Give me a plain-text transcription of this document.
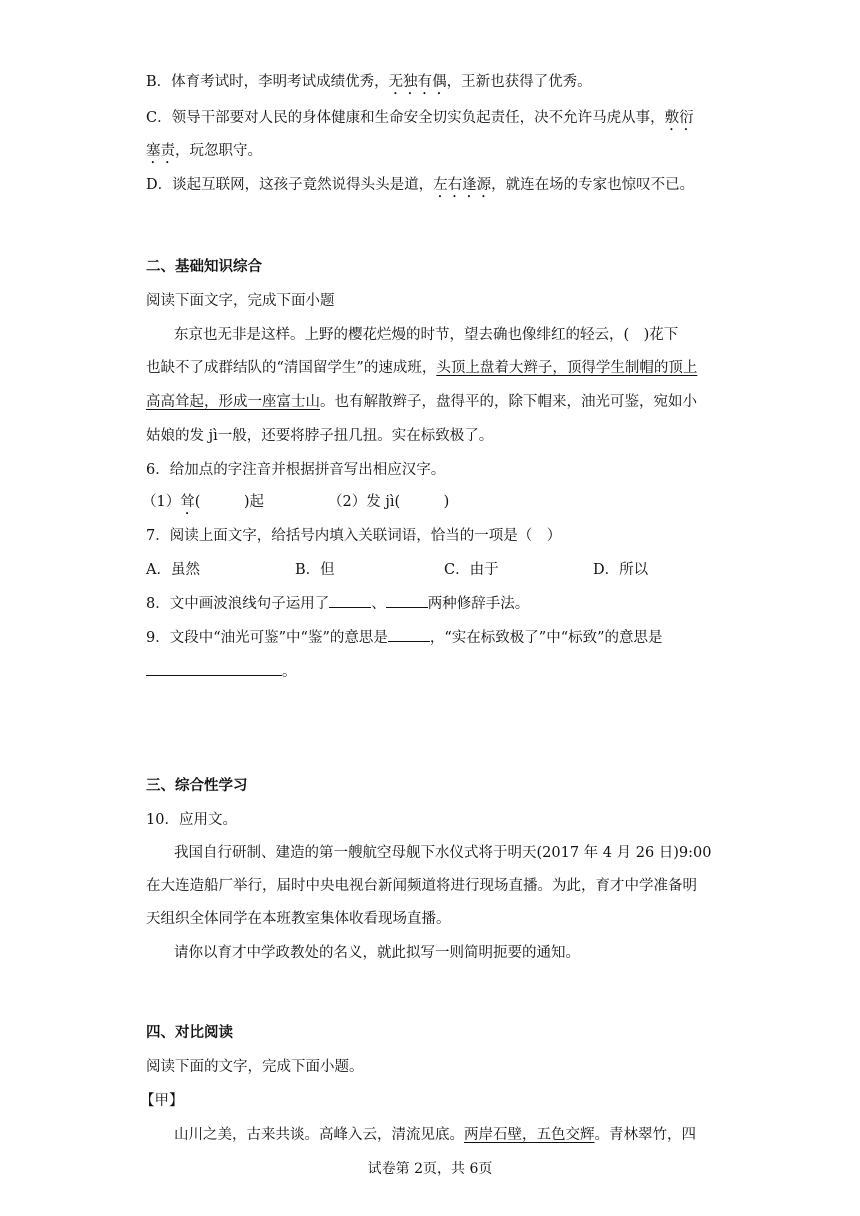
B．体育考试时，李明考试成绩优秀，无独有偶，王新也获得了优秀。
C．领导干部要对人民的身体健康和生命安全切实负起责任，决不允许马虎从事，敷衍
塞责，玩忽职守。
D．谈起互联网，这孩子竟然说得头头是道，左右逢源，就连在场的专家也惊叹不已。
二、基础知识综合
阅读下面文字，完成下面小题
东京也无非是这样。上野的樱花烂熳的时节，望去确也像绯红的轻云，(　)花下
也缺不了成群结队的“清国留学生”的速成班，头顶上盘着大辫子，顶得学生制帽的顶上
高高耸起，形成一座富士山。也有解散辫子，盘得平的，除下帽来，油光可鉴，宛如小
姑娘的发 jì一般，还要将脖子扭几扭。实在标致极了。
6．给加点的字注音并根据拼音写出相应汉字。
（1）耸(　　　)起	（2）发 jì(　　　)
7．阅读上面文字，给括号内填入关联词语，恰当的一项是（　）
A．虽然	B．但	C．由于	D．所以
8．文中画波浪线句子运用了	、	两种修辞手法。
9．文段中“油光可鉴”中“鉴”的意思是	，“实在标致极了”中“标致”的意思是
。
三、综合性学习
10．应用文。
我国自行研制、建造的第一艘航空母舰下水仪式将于明天(2017 年 4 月 26 日)9:00
在大连造船厂举行，届时中央电视台新闻频道将进行现场直播。为此，育才中学准备明
天组织全体同学在本班教室集体收看现场直播。
请你以育才中学政教处的名义，就此拟写一则简明扼要的通知。
四、对比阅读
阅读下面的文字，完成下面小题。
【甲】
山川之美，古来共谈。高峰入云，清流见底。两岸石壁，五色交辉。青林翠竹，四
试卷第 2页，共 6页
